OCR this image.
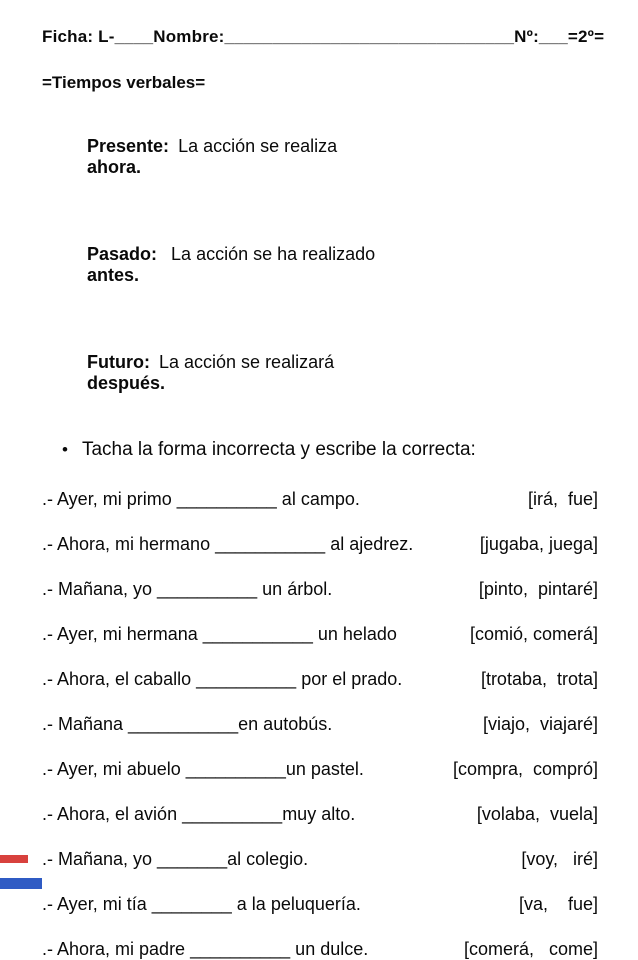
Ficha: L-____Nombre:______________________________Nº:___=2º=
=Tiempos verbales=

Presente: La acción se realiza
ahora.

Pasado:  La acción se ha realizado
antes.

Futuro: La acción se realizará
después.

• Tacha la forma incorrecta y escribe la correcta:
.- Ayer, mi primo __________ al campo.	[irá,  fue]
.- Ahora, mi hermano ___________ al ajedrez.	[jugaba, juega]
.- Mañana, yo __________ un árbol.	[pinto,  pintaré]
.- Ayer, mi hermana ___________ un helado	[comió, comerá]
.- Ahora, el caballo __________ por el prado.	[trotaba,  trota]
.- Mañana ___________en autobús.	[viajo,  viajaré]
.- Ayer, mi abuelo __________un pastel.	[compra,  compró]
.- Ahora, el avión __________muy alto.	[volaba,  vuela]
.- Mañana, yo _______al colegio.	[voy,   iré]
.- Ayer, mi tía ________ a la peluquería.	[va,    fue]
.- Ahora, mi padre __________ un dulce.	[comerá,   come]
